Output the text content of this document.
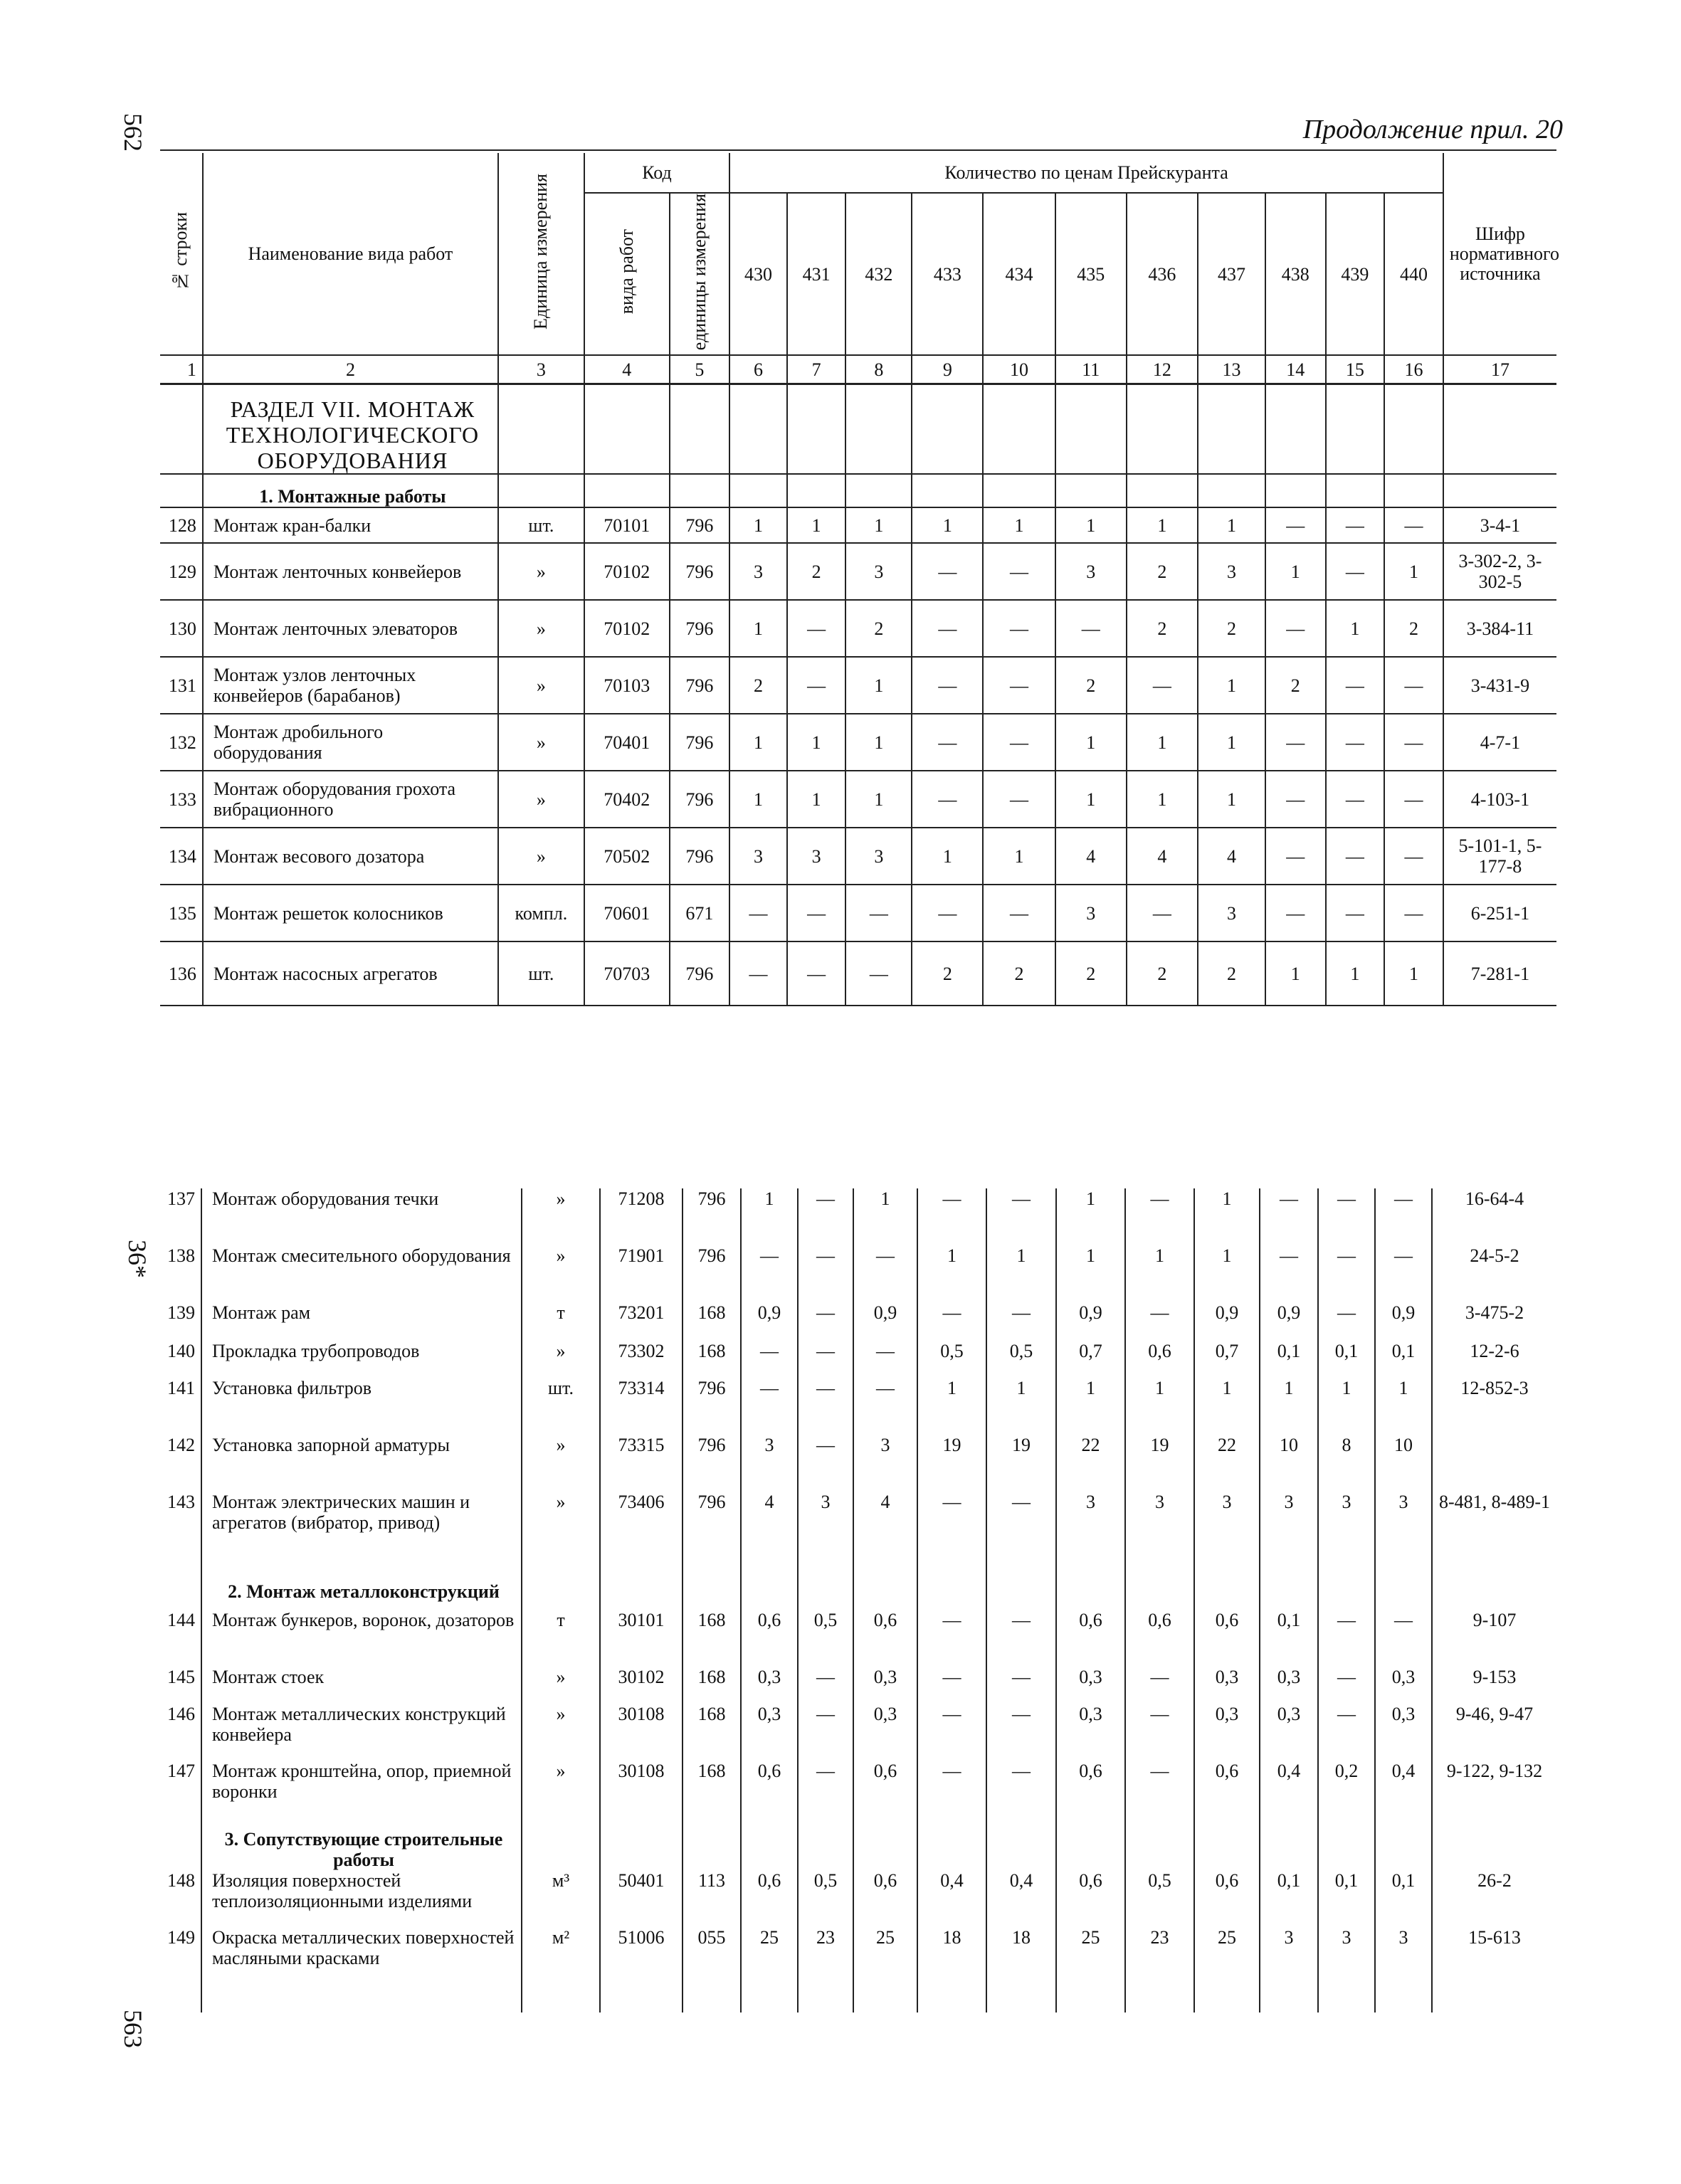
562
36*
563
Продолжение прил. 20
№ строки	Наименование вида работ	Единица измерения	Код		Количество по ценам Прейскуранта											Шифр нормативного источника
			вида работ	единицы измерения	430	431	432	433	434	435	436	437	438	439	440	
1	2	3	4	5	6	7	8	9	10	11	12	13	14	15	16	17

	РАЗДЕЛ VII. МОНТАЖ ТЕХНОЛОГИЧЕСКОГО ОБОРУДОВАНИЯ															

	1. Монтажные работы															

128	Монтаж кран-балки	шт.	70101	796	1	1	1	1	1	1	1	1	—	—	—	3-4-1
129	Монтаж ленточных конвейеров	»	70102	796	3	2	3	—	—	3	2	3	1	—	1	3-302-2, 3-302-5
130	Монтаж ленточных элеваторов	»	70102	796	1	—	2	—	—	—	2	2	—	1	2	3-384-11
131	Монтаж узлов ленточных конвейеров (барабанов)	»	70103	796	2	—	1	—	—	2	—	1	2	—	—	3-431-9
132	Монтаж дробильного оборудования	»	70401	796	1	1	1	—	—	1	1	1	—	—	—	4-7-1
133	Монтаж оборудования грохота вибрационного	»	70402	796	1	1	1	—	—	1	1	1	—	—	—	4-103-1
134	Монтаж весового дозатора	»	70502	796	3	3	3	1	1	4	4	4	—	—	—	5-101-1, 5-177-8
135	Монтаж решеток колосников	компл.	70601	671	—	—	—	—	—	3	—	3	—	—	—	6-251-1
136	Монтаж насосных агрегатов	шт.	70703	796	—	—	—	2	2	2	2	2	1	1	1	7-281-1
137	Монтаж оборудования течки	»	71208	796	1	—	1	—	—	1	—	1	—	—	—	16-64-4
138	Монтаж смесительного оборудования	»	71901	796	—	—	—	1	1	1	1	1	—	—	—	24-5-2
139	Монтаж рам	т	73201	168	0,9	—	0,9	—	—	0,9	—	0,9	0,9	—	0,9	3-475-2
140	Прокладка трубопроводов	»	73302	168	—	—	—	0,5	0,5	0,7	0,6	0,7	0,1	0,1	0,1	12-2-6
141	Установка фильтров	шт.	73314	796	—	—	—	1	1	1	1	1	1	1	1	12-852-3
142	Установка запорной арматуры	»	73315	796	3	—	3	19	19	22	19	22	10	8	10	
143	Монтаж электрических машин и агрегатов (вибратор, привод)	»	73406	796	4	3	4	—	—	3	3	3	3	3	3	8-481, 8-489-1

	2. Монтаж металлоконструкций															

144	Монтаж бункеров, воронок, дозаторов	т	30101	168	0,6	0,5	0,6	—	—	0,6	0,6	0,6	0,1	—	—	9-107
145	Монтаж стоек	»	30102	168	0,3	—	0,3	—	—	0,3	—	0,3	0,3	—	0,3	9-153
146	Монтаж металлических конструкций конвейера	»	30108	168	0,3	—	0,3	—	—	0,3	—	0,3	0,3	—	0,3	9-46, 9-47
147	Монтаж кронштейна, опор, приемной воронки	»	30108	168	0,6	—	0,6	—	—	0,6	—	0,6	0,4	0,2	0,4	9-122, 9-132

	3. Сопутствующие строительные работы															

148	Изоляция поверхностей теплоизоляционными изделиями	м³	50401	113	0,6	0,5	0,6	0,4	0,4	0,6	0,5	0,6	0,1	0,1	0,1	26-2
149	Окраска металлических поверхностей масляными красками	м²	51006	055	25	23	25	18	18	25	23	25	3	3	3	15-613
